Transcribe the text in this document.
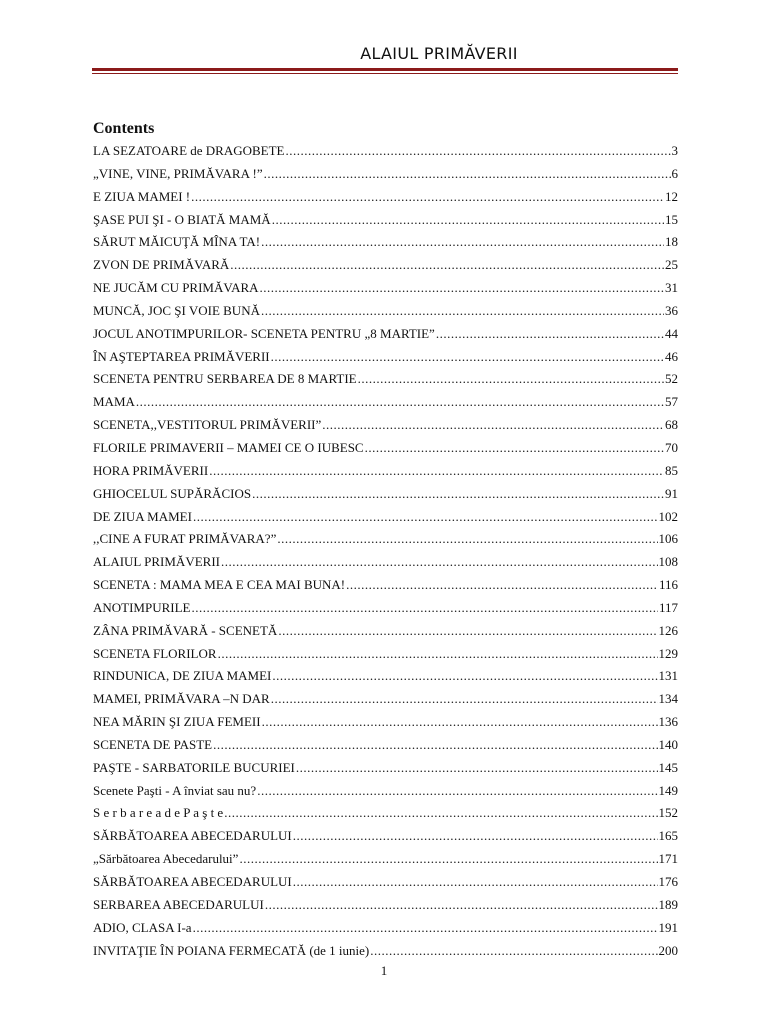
ALAIUL PRIMĂVERII
Contents
LA SEZATOARE de DRAGOBETE .....	3
„VINE, VINE, PRIMĂVARA !” .....	6
E ZIUA MAMEI ! .....	12
ŞASE PUI ŞI - O BIATĂ MAMĂ .....	15
SĂRUT MĂICUŢĂ MÎNA TA! .....	18
ZVON DE PRIMĂVARĂ .....	25
NE JUCĂM CU PRIMĂVARA .....	31
MUNCĂ, JOC ŞI VOIE BUNĂ .....	36
JOCUL ANOTIMPURILOR- SCENETA PENTRU „8 MARTIE” .....	44
ÎN AŞTEPTAREA PRIMĂVERII .....	46
SCENETA PENTRU SERBAREA DE 8 MARTIE .....	52
MAMA .....	57
SCENETA,,VESTITORUL PRIMĂVERII” .....	68
FLORILE PRIMAVERII – MAMEI CE O IUBESC .....	70
HORA PRIMĂVERII .....	85
GHIOCELUL SUPĂRĂCIOS .....	91
DE ZIUA MAMEI .....	102
,,CINE A FURAT PRIMĂVARA?” .....	106
ALAIUL PRIMĂVERII .....	108
SCENETA : MAMA MEA E CEA MAI BUNA! .....	116
ANOTIMPURILE .....	117
ZÂNA PRIMĂVARĂ - SCENETĂ .....	126
SCENETA FLORILOR .....	129
RINDUNICA, DE ZIUA MAMEI .....	131
MAMEI, PRIMĂVARA –N DAR .....	134
NEA MĂRIN ŞI ZIUA FEMEII .....	136
SCENETA DE PASTE .....	140
PAŞTE - SARBATORILE BUCURIEI .....	145
Scenete Paşti - A înviat sau nu? .....	149
S e r b a r e a d e P a ş t e .....	152
SĂRBĂTOAREA ABECEDARULUI .....	165
„Sărbătoarea Abecedarului” .....	171
SĂRBĂTOAREA ABECEDARULUI .....	176
SERBAREA ABECEDARULUI .....	189
ADIO, CLASA I-a .....	191
INVITAŢIE ÎN POIANA FERMECATĂ (de 1 iunie) .....	200
1
